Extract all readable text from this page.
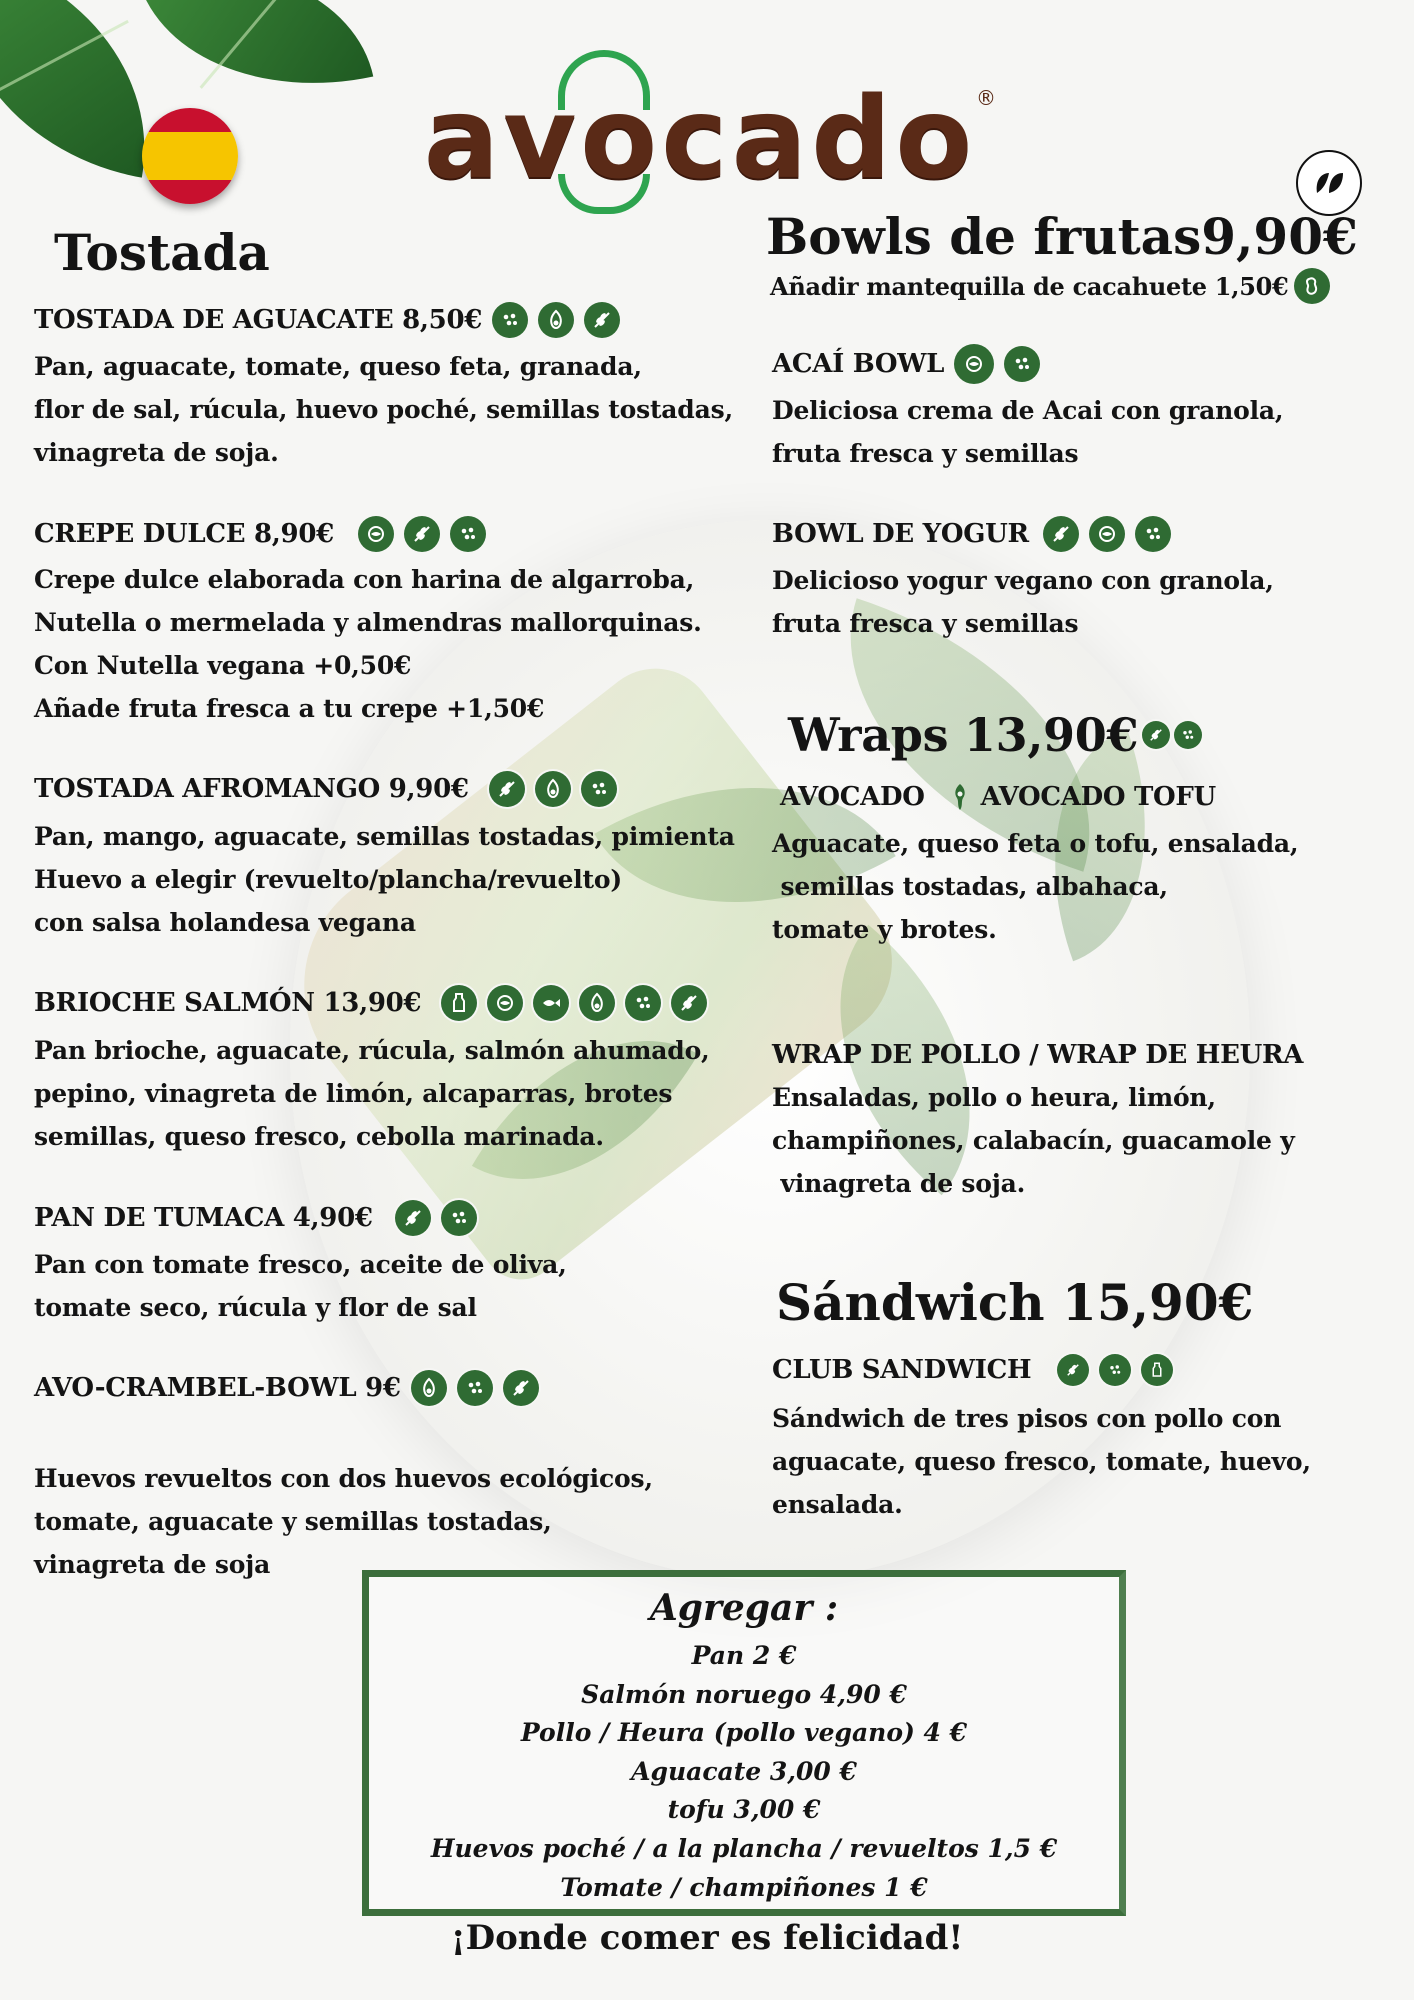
avocado ®
Tostada
TOSTADA DE AGUACATE 8,50€
Pan, aguacate, tomate, queso feta, granada,
flor de sal, rúcula, huevo poché, semillas tostadas,
vinagreta de soja.
CREPE DULCE 8,90€
Crepe dulce elaborada con harina de algarroba,
Nutella o mermelada y almendras mallorquinas.
Con Nutella vegana +0,50€
Añade fruta fresca a tu crepe +1,50€
TOSTADA AFROMANGO 9,90€
Pan, mango, aguacate, semillas tostadas, pimienta
Huevo a elegir (revuelto/plancha/revuelto)
con salsa holandesa vegana
BRIOCHE SALMÓN 13,90€
Pan brioche, aguacate, rúcula, salmón ahumado,
pepino, vinagreta de limón, alcaparras, brotes
semillas, queso fresco, cebolla marinada.
PAN DE TUMACA 4,90€
Pan con tomate fresco, aceite de oliva,
tomate seco, rúcula y flor de sal
AVO-CRAMBEL-BOWL 9€
Huevos revueltos con dos huevos ecológicos,
tomate, aguacate y semillas tostadas,
vinagreta de soja
Bowls de frutas9,90€
Añadir mantequilla de cacahuete 1,50€
ACAÍ BOWL
Deliciosa crema de Acai con granola,
fruta fresca y semillas
BOWL DE YOGUR
Delicioso yogur vegano con granola,
fruta fresca y semillas
Wraps 13,90€
AVOCADO AVOCADO TOFU
Aguacate, queso feta o tofu, ensalada,
semillas tostadas, albahaca,
tomate y brotes.
WRAP DE POLLO / WRAP DE HEURA
Ensaladas, pollo o heura, limón,
champiñones, calabacín, guacamole y
vinagreta de soja.
Sándwich 15,90€
CLUB SANDWICH
Sándwich de tres pisos con pollo con
aguacate, queso fresco, tomate, huevo,
ensalada.
Agregar :
Pan 2 €
Salmón noruego 4,90 €
Pollo / Heura (pollo vegano) 4 €
Aguacate 3,00 €
tofu 3,00 €
Huevos poché / a la plancha / revueltos 1,5 €
Tomate / champiñones 1 €
¡Donde comer es felicidad!
